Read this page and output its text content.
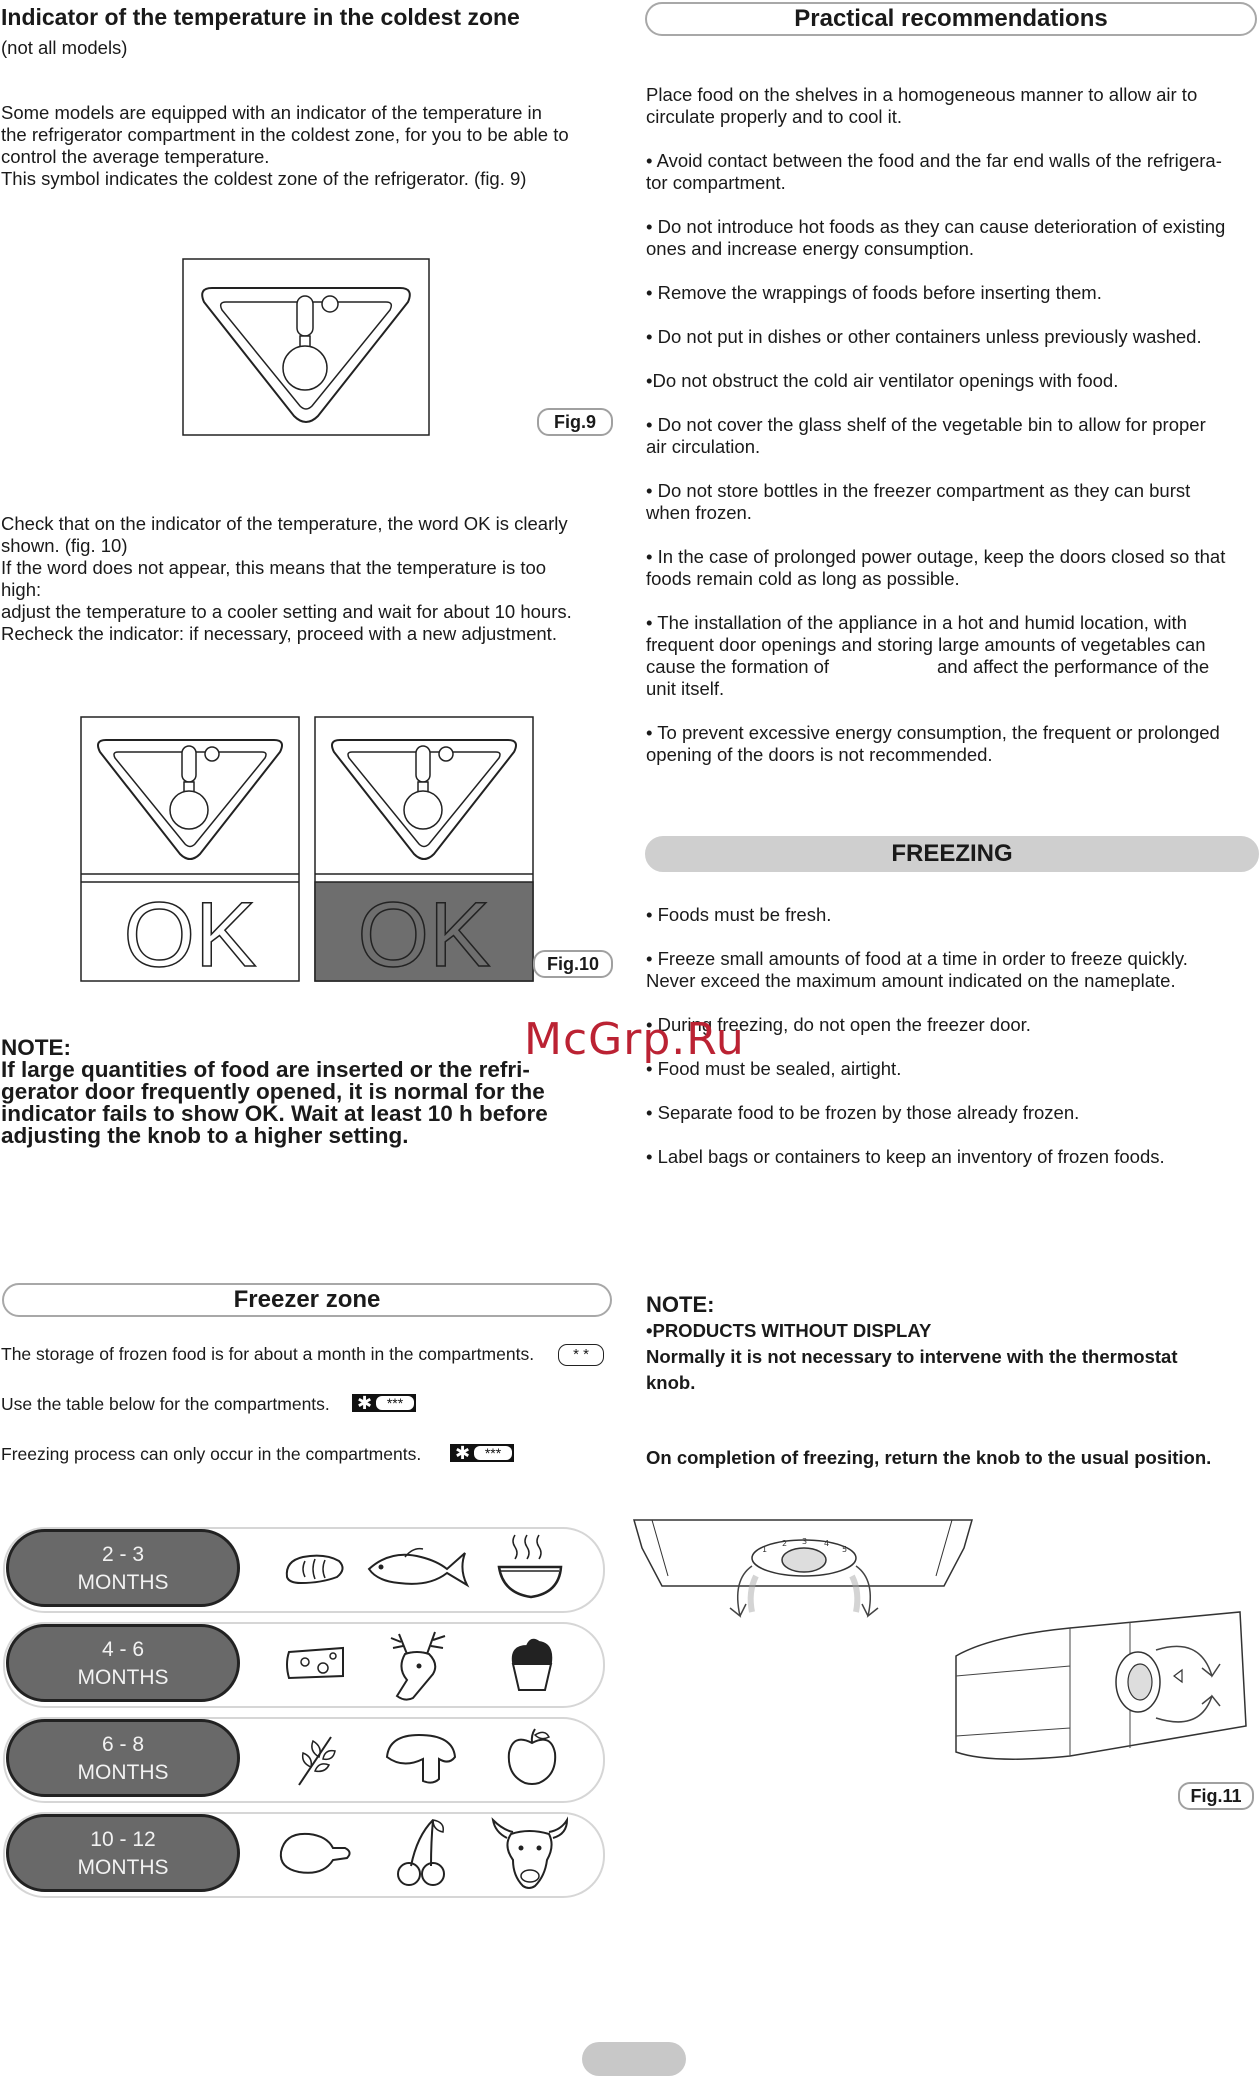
Indicator of the temperature in the coldest zone
(not all models)
Some models are equipped with an indicator of the temperature in
the refrigerator compartment in the coldest zone, for you to be able to
control the average temperature.
This symbol indicates the coldest zone of the refrigerator. (fig. 9)
Fig.9
Check that on the indicator of the temperature, the word OK is clearly
shown. (fig. 10)
If the word does not appear, this means that the temperature is too
high:
adjust the temperature to a cooler setting and wait for about 10 hours.
Recheck the indicator: if necessary, proceed with a new adjustment.
OK OK	Fig.10
NOTE:
If large quantities of food are inserted or the refri-
gerator door frequently opened, it is normal for the
indicator fails to show OK. Wait at least 10 h before
adjusting the knob to a higher setting.
Freezer zone
The storage of frozen food is for about a month in the compartments.	* *
Use the table below for the compartments. ✱	***
Freezing process can only occur in the compartments. ✱	***
2 - 3
MONTHS
4 - 6
MONTHS
6 - 8
MONTHS
10 - 12
MONTHS
Practical recommendations
Place food on the shelves in a homogeneous manner to allow air to
circulate properly and to cool it.
• Avoid contact between the food and the far end walls of the refrigera-
tor compartment.
• Do not introduce hot foods as they can cause deterioration of existing
ones and increase energy consumption.
• Remove the wrappings of foods before inserting them.
• Do not put in dishes or other containers unless previously washed.
•Do not obstruct the cold air ventilator openings with food.
• Do not cover the glass shelf of the vegetable bin to allow for proper
air circulation.
• Do not store bottles in the freezer compartment as they can burst
when frozen.
• In the case of prolonged power outage, keep the doors closed so that
foods remain cold as long as possible.
• The installation of the appliance in a hot and humid location, with
frequent door openings and storing large amounts of vegetables can
cause the formation of                     and affect the performance of the
unit itself.
• To prevent excessive energy consumption, the frequent or prolonged
opening of the doors is not recommended.
FREEZING
• Foods must be fresh.
• Freeze small amounts of food at a time in order to freeze quickly.
Never exceed the maximum amount indicated on the nameplate.
• During freezing, do not open the freezer door.
• Food must be sealed, airtight.
• Separate food to be frozen by those already frozen.
• Label bags or containers to keep an inventory of frozen foods.
NOTE:
•PRODUCTS WITHOUT DISPLAY
Normally it is not necessary to intervene with the thermostat
knob.
On completion of freezing, return the knob to the usual position.
1
2 3 4
5
Fig.11
McGrp.Ru
